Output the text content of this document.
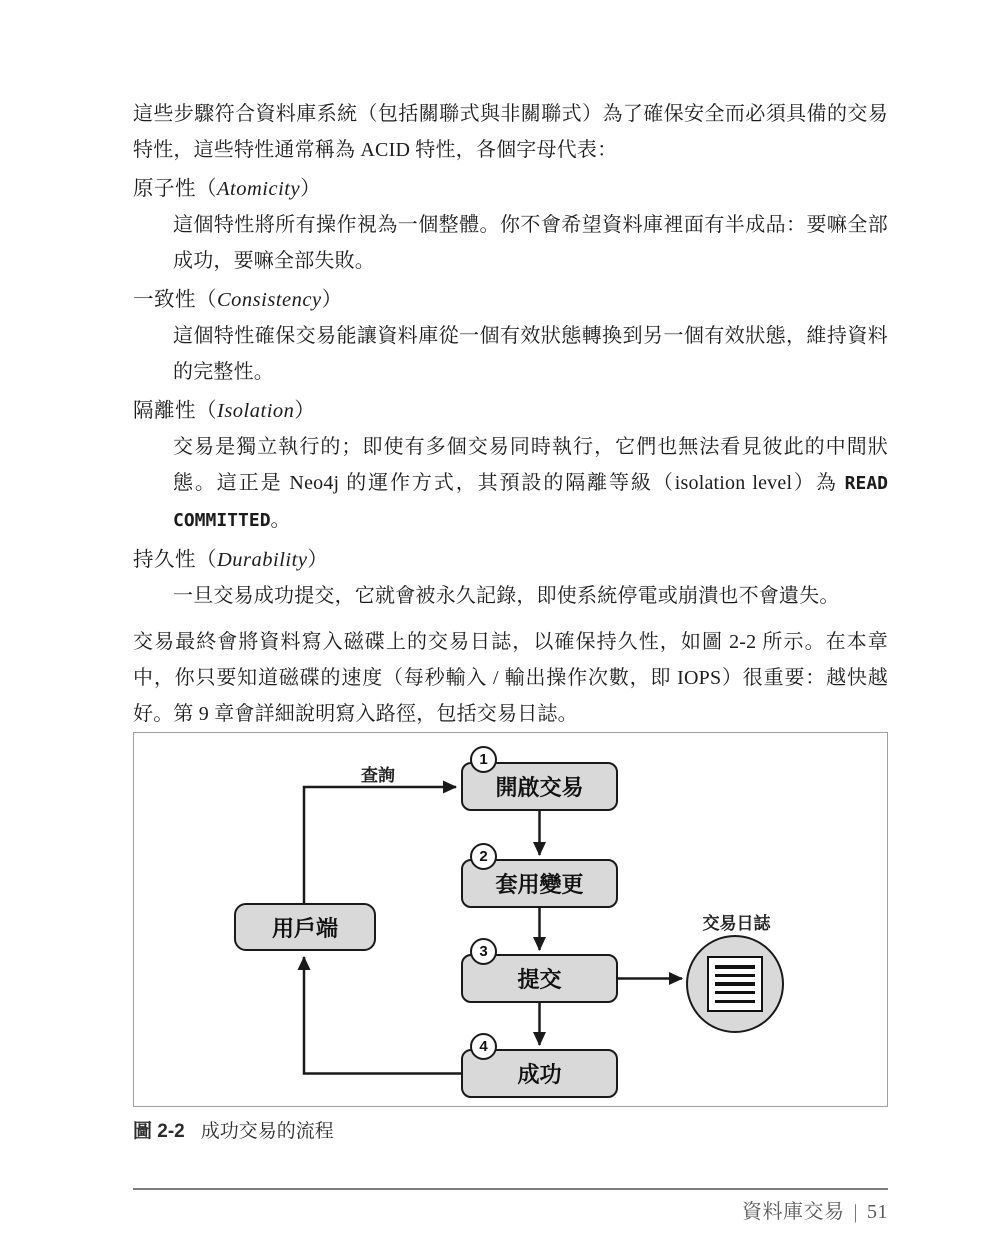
這些步驟符合資料庫系統（包括關聯式與非關聯式）為了確保安全而必須具備的交易特性，這些特性通常稱為 ACID 特性，各個字母代表：

原子性（Atomicity）

這個特性將所有操作視為一個整體。你不會希望資料庫裡面有半成品：要嘛全部成功，要嘛全部失敗。

一致性（Consistency）

這個特性確保交易能讓資料庫從一個有效狀態轉換到另一個有效狀態，維持資料的完整性。

隔離性（Isolation）

交易是獨立執行的；即使有多個交易同時執行，它們也無法看見彼此的中間狀態。這正是 Neo4j 的運作方式，其預設的隔離等級（isolation level）為 READ COMMITTED。

持久性（Durability）

一旦交易成功提交，它就會被永久記錄，即使系統停電或崩潰也不會遺失。

交易最終會將資料寫入磁碟上的交易日誌，以確保持久性，如圖 2-2 所示。在本章中，你只要知道磁碟的速度（每秒輸入 / 輸出操作次數，即 IOPS）很重要：越快越好。第 9 章會詳細說明寫入路徑，包括交易日誌。

查詢
用戶端
1
開啟交易
2
套用變更
3
提交
4
成功
交易日誌

圖 2-2 成功交易的流程

資料庫交易 | 51
